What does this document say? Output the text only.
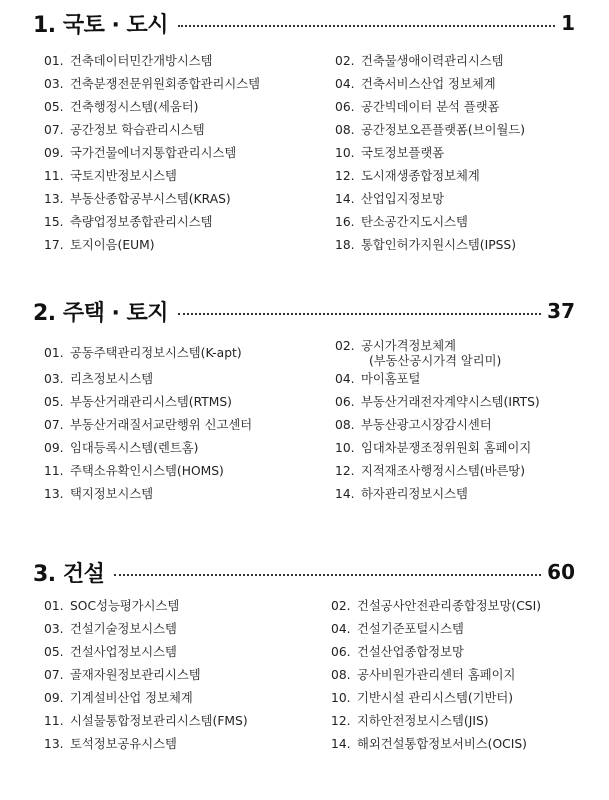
1. 국토 · 도시	1
2. 주택 · 토지	37
3. 건설	60
01. 건축데이터민간개방시스템	02. 건축물생애이력관리시스템
03. 건축분쟁전문위원회종합관리시스템	04. 건축서비스산업 정보체계
05. 건축행정시스템(세움터)	06. 공간빅데이터 분석 플랫폼
07. 공간정보 학습관리시스템	08. 공간정보오픈플랫폼(브이월드)
09. 국가건물에너지통합관리시스템	10. 국토정보플랫폼
11. 국토지반정보시스템	12. 도시재생종합정보체계
13. 부동산종합공부시스템(KRAS)	14. 산업입지정보망
15. 측량업정보종합관리시스템	16. 탄소공간지도시스템
17. 토지이음(EUM)	18. 통합인허가지원시스템(IPSS)
01. 공동주택관리정보시스템(K-apt)	02. 공시가격정보체계
(부동산공시가격 알리미)
03. 리츠정보시스템	04. 마이홈포털
05. 부동산거래관리시스템(RTMS)	06. 부동산거래전자계약시스템(IRTS)
07. 부동산거래질서교란행위 신고센터	08. 부동산광고시장감시센터
09. 임대등록시스템(렌트홈)	10. 임대차분쟁조정위원회 홈페이지
11. 주택소유확인시스템(HOMS)	12. 지적재조사행정시스템(바른땅)
13. 택지정보시스템	14. 하자관리정보시스템
01. SOC성능평가시스템	02. 건설공사안전관리종합정보망(CSI)
03. 건설기술정보시스템	04. 건설기준포털시스템
05. 건설사업정보시스템	06. 건설산업종합정보망
07. 골재자원정보관리시스템	08. 공사비원가관리센터 홈페이지
09. 기계설비산업 정보체계	10. 기반시설 관리시스템(기반터)
11. 시설물통합정보관리시스템(FMS)	12. 지하안전정보시스템(JIS)
13. 토석정보공유시스템	14. 해외건설통합정보서비스(OCIS)
